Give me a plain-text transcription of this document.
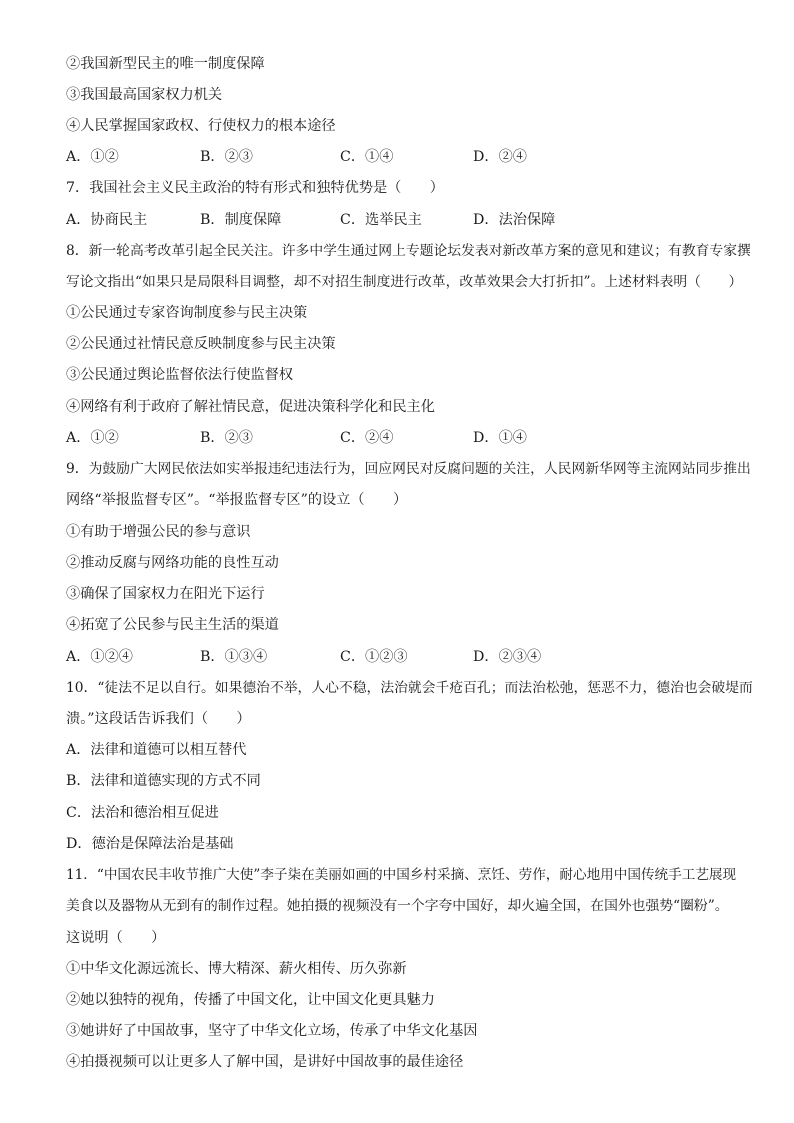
②我国新型民主的唯一制度保障
③我国最高国家权力机关
④人民掌握国家政权、行使权力的根本途径
A．①②	B．②③	C．①④	D．②④
7．我国社会主义民主政治的特有形式和独特优势是（　　）
A．协商民主	B．制度保障	C．选举民主	D．法治保障
8．新一轮高考改革引起全民关注。许多中学生通过网上专题论坛发表对新改革方案的意见和建议；有教育专家撰
写论文指出“如果只是局限科目调整，却不对招生制度进行改革，改革效果会大打折扣”。上述材料表明（　　）
①公民通过专家咨询制度参与民主决策
②公民通过社情民意反映制度参与民主决策
③公民通过舆论监督依法行使监督权
④网络有利于政府了解社情民意，促进决策科学化和民主化
A．①②	B．②③	C．②④	D．①④
9．为鼓励广大网民依法如实举报违纪违法行为，回应网民对反腐问题的关注，人民网新华网等主流网站同步推出
网络“举报监督专区”。“举报监督专区”的设立（　　）
①有助于增强公民的参与意识
②推动反腐与网络功能的良性互动
③确保了国家权力在阳光下运行
④拓宽了公民参与民主生活的渠道
A．①②④	B．①③④	C．①②③	D．②③④
10．“徒法不足以自行。如果德治不举，人心不稳，法治就会千疮百孔；而法治松弛，惩恶不力，德治也会破堤而
溃。”这段话告诉我们（　　）
A．法律和道德可以相互替代
B．法律和道德实现的方式不同
C．法治和德治相互促进
D．德治是保障法治是基础
11．“中国农民丰收节推广大使”李子柒在美丽如画的中国乡村采摘、烹饪、劳作，耐心地用中国传统手工艺展现
美食以及器物从无到有的制作过程。她拍摄的视频没有一个字夸中国好，却火遍全国，在国外也强势“圈粉”。
这说明（　　）
①中华文化源远流长、博大精深、薪火相传、历久弥新
②她以独特的视角，传播了中国文化，让中国文化更具魅力
③她讲好了中国故事，坚守了中华文化立场，传承了中华文化基因
④拍摄视频可以让更多人了解中国，是讲好中国故事的最佳途径
